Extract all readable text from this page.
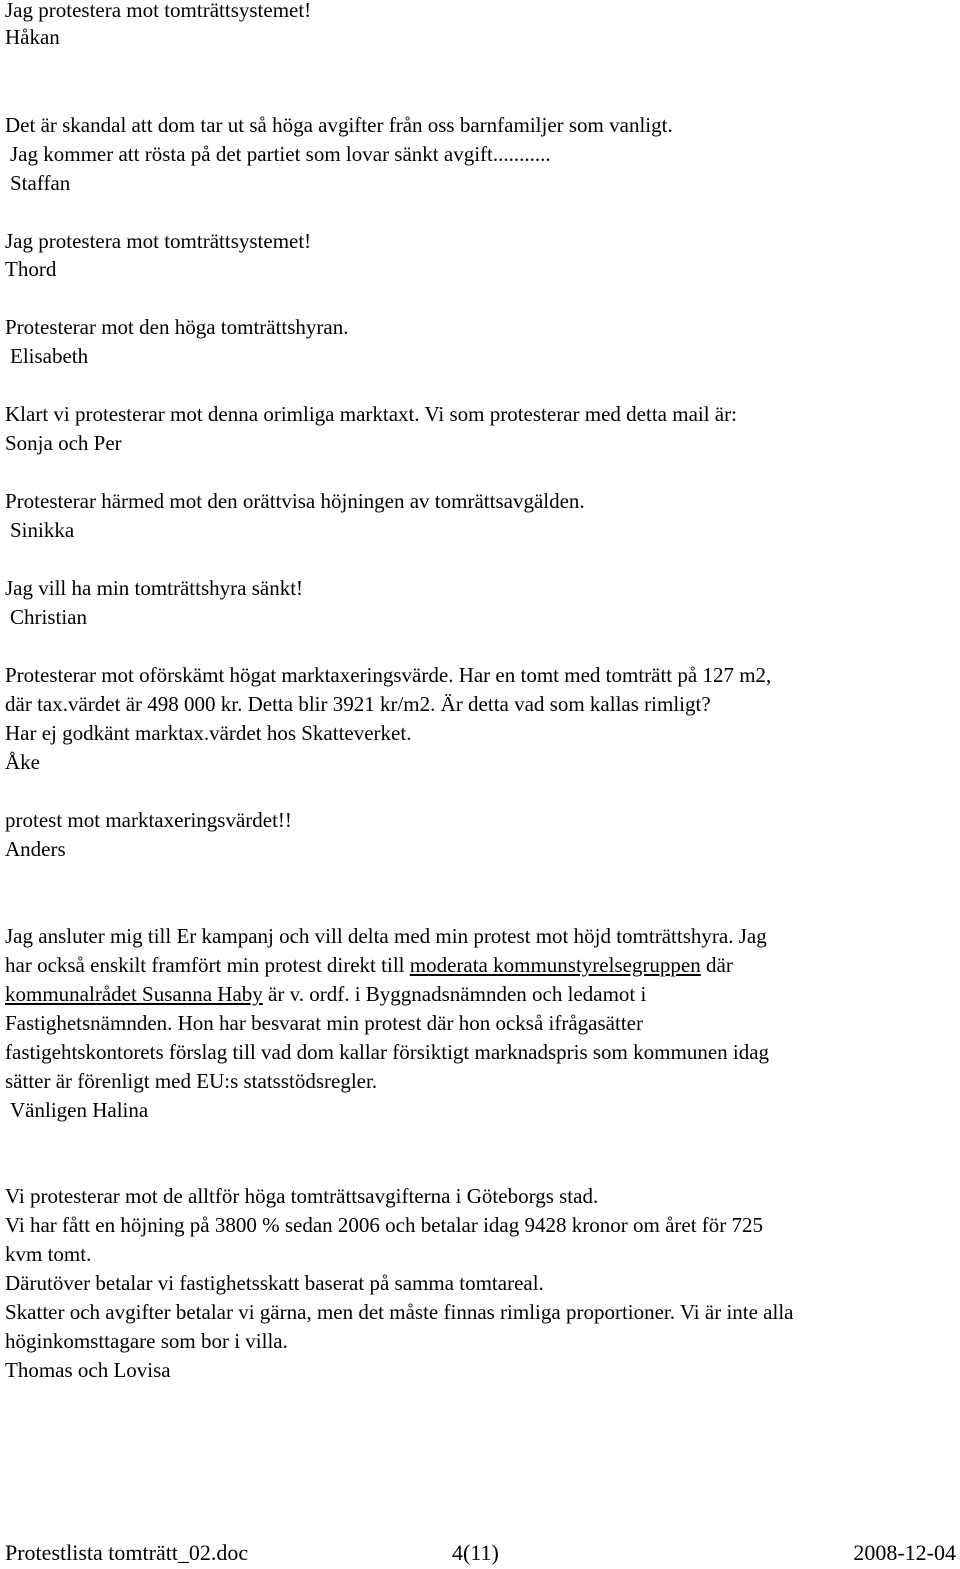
Jag protestera mot tomträttsystemet!
Håkan
Det är skandal att dom tar ut så höga avgifter från oss barnfamiljer som vanligt.
Jag kommer att rösta på det partiet som lovar sänkt avgift...........
Staffan
Jag protestera mot tomträttsystemet!
Thord
Protesterar mot den höga tomträttshyran.
Elisabeth
Klart vi protesterar mot denna orimliga marktaxt. Vi som protesterar med detta mail är:
Sonja och Per
Protesterar härmed mot den orättvisa höjningen av tomrättsavgälden.
Sinikka
Jag vill ha min tomträttshyra sänkt!
Christian
Protesterar mot oförskämt högat marktaxeringsvärde. Har en tomt med tomträtt på 127 m2,
där tax.värdet är 498 000 kr. Detta blir 3921 kr/m2. Är detta vad som kallas rimligt?
Har ej godkänt marktax.värdet hos Skatteverket.
Åke
protest mot marktaxeringsvärdet!!
Anders
Jag ansluter mig till Er kampanj och vill delta med min protest mot höjd tomträttshyra. Jag
har också enskilt framfört min protest direkt till moderata kommunstyrelsegruppen där
kommunalrådet Susanna Haby är v. ordf. i Byggnadsnämnden och ledamot i
Fastighetsnämnden. Hon har besvarat min protest där hon också ifrågasätter
fastigehtskontorets förslag till vad dom kallar försiktigt marknadspris som kommunen idag
sätter är förenligt med EU:s statsstödsregler.
Vänligen Halina
Vi protesterar mot de alltför höga tomträttsavgifterna i Göteborgs stad.
Vi har fått en höjning på 3800 % sedan 2006 och betalar idag 9428 kronor om året för 725
kvm tomt.
Därutöver betalar vi fastighetsskatt baserat på samma tomtareal.
Skatter och avgifter betalar vi gärna, men det måste finnas rimliga proportioner. Vi är inte alla
höginkomsttagare som bor i villa.
Thomas och Lovisa
Protestlista tomträtt_02.doc	4(11)	2008-12-04
